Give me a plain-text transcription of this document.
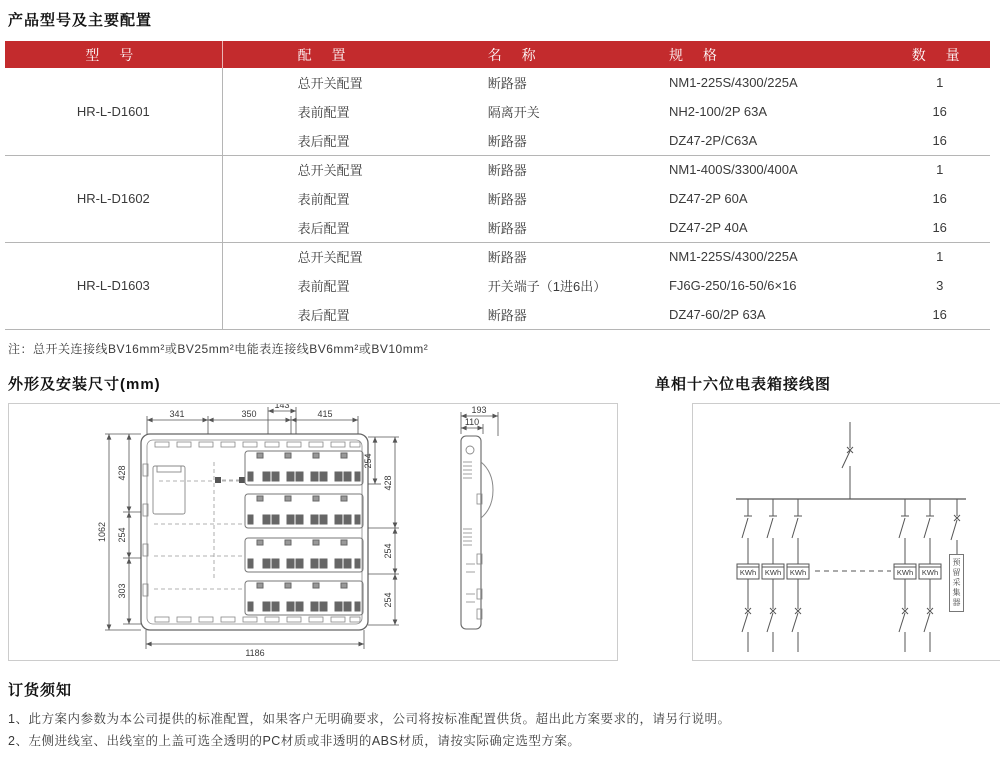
产品型号及主要配置
型 号	配 置	名 称	规 格	数 量
HR-L-D1601	总开关配置	断路器	NM1-225S/4300/225A	1
	表前配置	隔离开关	NH2-100/2P 63A	16
	表后配置	断路器	DZ47-2P/C63A	16
HR-L-D1602	总开关配置	断路器	NM1-400S/3300/400A	1
	表前配置	断路器	DZ47-2P 60A	16
	表后配置	断路器	DZ47-2P 40A	16
HR-L-D1603	总开关配置	断路器	NM1-225S/4300/225A	1
	表前配置	开关端子（1进6出）	FJ6G-250/16-50/6×16	3
	表后配置	断路器	DZ47-60/2P 63A	16
注：总开关连接线BV16mm²或BV25mm²电能表连接线BV6mm²或BV10mm²
外形及安装尺寸(mm)
341	350
143
415
1062
428
254
303
254
428
254
254
1186
193
110
单相十六位电表箱接线图
KWh KWh KWh	KWh KWh
预留采集器
订货须知

1、此方案内参数为本公司提供的标准配置，如果客户无明确要求，公司将按标准配置供货。超出此方案要求的，请另行说明。

2、左侧进线室、出线室的上盖可选全透明的PC材质或非透明的ABS材质，请按实际确定选型方案。
